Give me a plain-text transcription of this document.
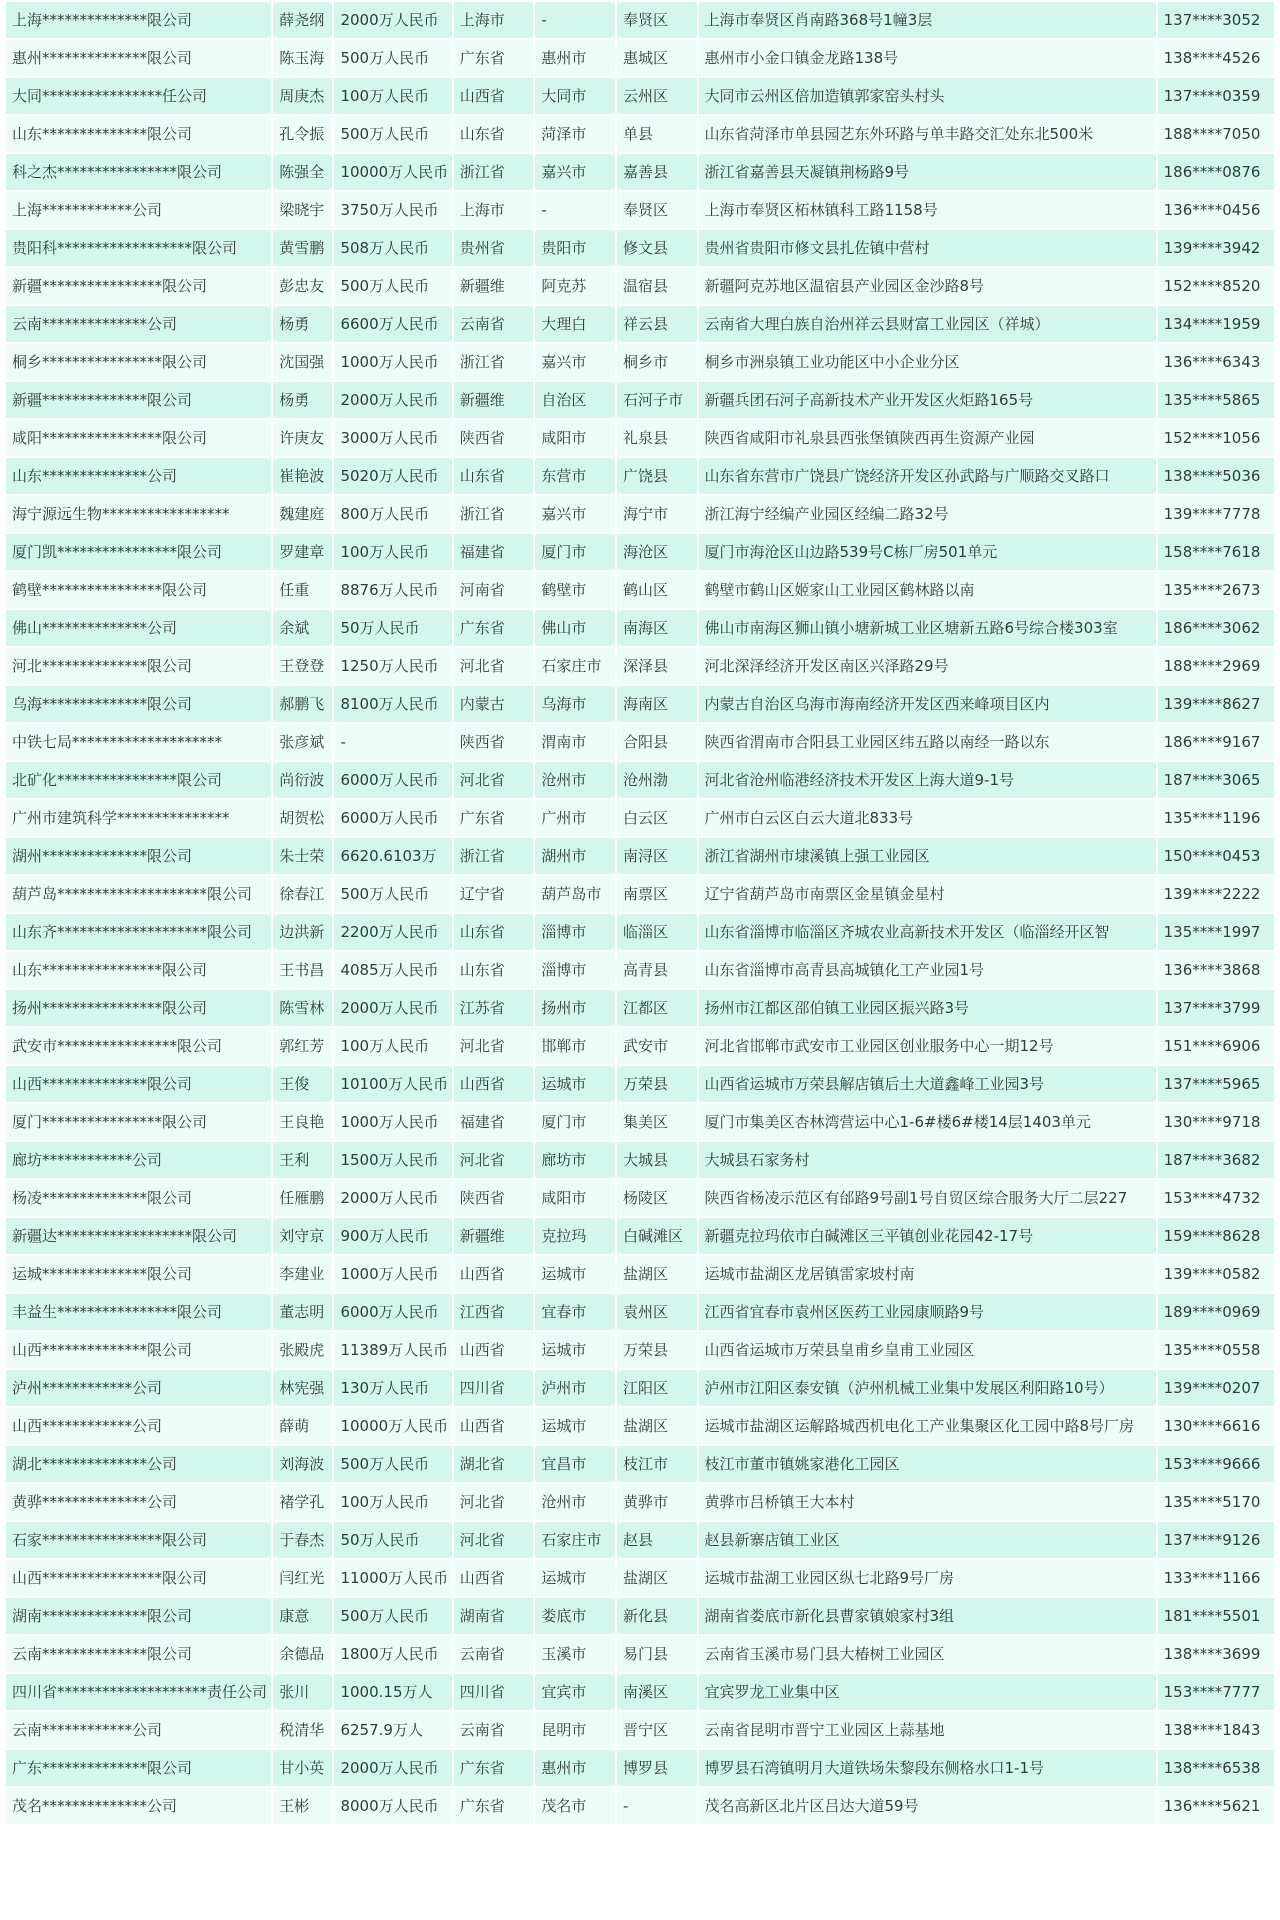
上海**************限公司	薛尧纲	2000万人民币	上海市	-	奉贤区	上海市奉贤区肖南路368号1幢3层	137****3052
惠州**************限公司	陈玉海	500万人民币	广东省	惠州市	惠城区	惠州市小金口镇金龙路138号	138****4526
大同****************任公司	周庚杰	100万人民币	山西省	大同市	云州区	大同市云州区倍加造镇郭家窑头村头	137****0359
山东**************限公司	孔令振	500万人民币	山东省	菏泽市	单县	山东省菏泽市单县园艺东外环路与单丰路交汇处东北500米	188****7050
科之杰****************限公司	陈强全	10000万人民币	浙江省	嘉兴市	嘉善县	浙江省嘉善县天凝镇荆杨路9号	186****0876
上海************公司	梁晓宇	3750万人民币	上海市	-	奉贤区	上海市奉贤区柘林镇科工路1158号	136****0456
贵阳科******************限公司	黄雪鹏	508万人民币	贵州省	贵阳市	修文县	贵州省贵阳市修文县扎佐镇中营村	139****3942
新疆****************限公司	彭忠友	500万人民币	新疆维	阿克苏	温宿县	新疆阿克苏地区温宿县产业园区金沙路8号	152****8520
云南**************公司	杨勇	6600万人民币	云南省	大理白	祥云县	云南省大理白族自治州祥云县财富工业园区（祥城）	134****1959
桐乡****************限公司	沈国强	1000万人民币	浙江省	嘉兴市	桐乡市	桐乡市洲泉镇工业功能区中小企业分区	136****6343
新疆**************限公司	杨勇	2000万人民币	新疆维	自治区	石河子市	新疆兵团石河子高新技术产业开发区火炬路165号	135****5865
咸阳****************限公司	许庚友	3000万人民币	陕西省	咸阳市	礼泉县	陕西省咸阳市礼泉县西张堡镇陕西再生资源产业园	152****1056
山东**************公司	崔艳波	5020万人民币	山东省	东营市	广饶县	山东省东营市广饶县广饶经济开发区孙武路与广顺路交叉路口	138****5036
海宁源远生物*****************	魏建庭	800万人民币	浙江省	嘉兴市	海宁市	浙江海宁经编产业园区经编二路32号	139****7778
厦门凯****************限公司	罗建章	100万人民币	福建省	厦门市	海沧区	厦门市海沧区山边路539号C栋厂房501单元	158****7618
鹤壁****************限公司	任重	8876万人民币	河南省	鹤壁市	鹤山区	鹤壁市鹤山区姬家山工业园区鹤林路以南	135****2673
佛山**************公司	余斌	50万人民币	广东省	佛山市	南海区	佛山市南海区狮山镇小塘新城工业区塘新五路6号综合楼303室	186****3062
河北**************限公司	王登登	1250万人民币	河北省	石家庄市	深泽县	河北深泽经济开发区南区兴泽路29号	188****2969
乌海**************限公司	郝鹏飞	8100万人民币	内蒙古	乌海市	海南区	内蒙古自治区乌海市海南经济开发区西来峰项目区内	139****8627
中铁七局********************	张彦斌	-	陕西省	渭南市	合阳县	陕西省渭南市合阳县工业园区纬五路以南经一路以东	186****9167
北矿化****************限公司	尚衍波	6000万人民币	河北省	沧州市	沧州渤	河北省沧州临港经济技术开发区上海大道9-1号	187****3065
广州市建筑科学***************	胡贺松	6000万人民币	广东省	广州市	白云区	广州市白云区白云大道北833号	135****1196
湖州**************限公司	朱士荣	6620.6103万	浙江省	湖州市	南浔区	浙江省湖州市埭溪镇上强工业园区	150****0453
葫芦岛********************限公司	徐春江	500万人民币	辽宁省	葫芦岛市	南票区	辽宁省葫芦岛市南票区金星镇金星村	139****2222
山东齐********************限公司	边洪新	2200万人民币	山东省	淄博市	临淄区	山东省淄博市临淄区齐城农业高新技术开发区（临淄经开区智	135****1997
山东****************限公司	王书昌	4085万人民币	山东省	淄博市	高青县	山东省淄博市高青县高城镇化工产业园1号	136****3868
扬州****************限公司	陈雪林	2000万人民币	江苏省	扬州市	江都区	扬州市江都区邵伯镇工业园区振兴路3号	137****3799
武安市****************限公司	郭红芳	100万人民币	河北省	邯郸市	武安市	河北省邯郸市武安市工业园区创业服务中心一期12号	151****6906
山西**************限公司	王俊	10100万人民币	山西省	运城市	万荣县	山西省运城市万荣县解店镇后土大道鑫峰工业园3号	137****5965
厦门****************限公司	王良艳	1000万人民币	福建省	厦门市	集美区	厦门市集美区杏林湾营运中心1-6#楼6#楼14层1403单元	130****9718
廊坊************公司	王利	1500万人民币	河北省	廊坊市	大城县	大城县石家务村	187****3682
杨凌**************限公司	任雁鹏	2000万人民币	陕西省	咸阳市	杨陵区	陕西省杨凌示范区有邰路9号副1号自贸区综合服务大厅二层227	153****4732
新疆达******************限公司	刘守京	900万人民币	新疆维	克拉玛	白碱滩区	新疆克拉玛依市白碱滩区三平镇创业花园42-17号	159****8628
运城**************限公司	李建业	1000万人民币	山西省	运城市	盐湖区	运城市盐湖区龙居镇雷家坡村南	139****0582
丰益生****************限公司	董志明	6000万人民币	江西省	宜春市	袁州区	江西省宜春市袁州区医药工业园康顺路9号	189****0969
山西**************限公司	张殿虎	11389万人民币	山西省	运城市	万荣县	山西省运城市万荣县皇甫乡皇甫工业园区	135****0558
泸州************公司	林宪强	130万人民币	四川省	泸州市	江阳区	泸州市江阳区泰安镇（泸州机械工业集中发展区利阳路10号）	139****0207
山西************公司	薛萌	10000万人民币	山西省	运城市	盐湖区	运城市盐湖区运解路城西机电化工产业集聚区化工园中路8号厂房	130****6616
湖北**************公司	刘海波	500万人民币	湖北省	宜昌市	枝江市	枝江市董市镇姚家港化工园区	153****9666
黄骅**************公司	褚学孔	100万人民币	河北省	沧州市	黄骅市	黄骅市吕桥镇王大本村	135****5170
石家****************限公司	于春杰	50万人民币	河北省	石家庄市	赵县	赵县新寨店镇工业区	137****9126
山西****************限公司	闫红光	11000万人民币	山西省	运城市	盐湖区	运城市盐湖工业园区纵七北路9号厂房	133****1166
湖南**************限公司	康意	500万人民币	湖南省	娄底市	新化县	湖南省娄底市新化县曹家镇娘家村3组	181****5501
云南**************限公司	余德品	1800万人民币	云南省	玉溪市	易门县	云南省玉溪市易门县大椿树工业园区	138****3699
四川省********************责任公司	张川	1000.15万人	四川省	宜宾市	南溪区	宜宾罗龙工业集中区	153****7777
云南************公司	税清华	6257.9万人	云南省	昆明市	晋宁区	云南省昆明市晋宁工业园区上蒜基地	138****1843
广东**************限公司	甘小英	2000万人民币	广东省	惠州市	博罗县	博罗县石湾镇明月大道铁场朱黎段东侧格水口1-1号	138****6538
茂名**************公司	王彬	8000万人民币	广东省	茂名市	-	茂名高新区北片区吕达大道59号	136****5621
